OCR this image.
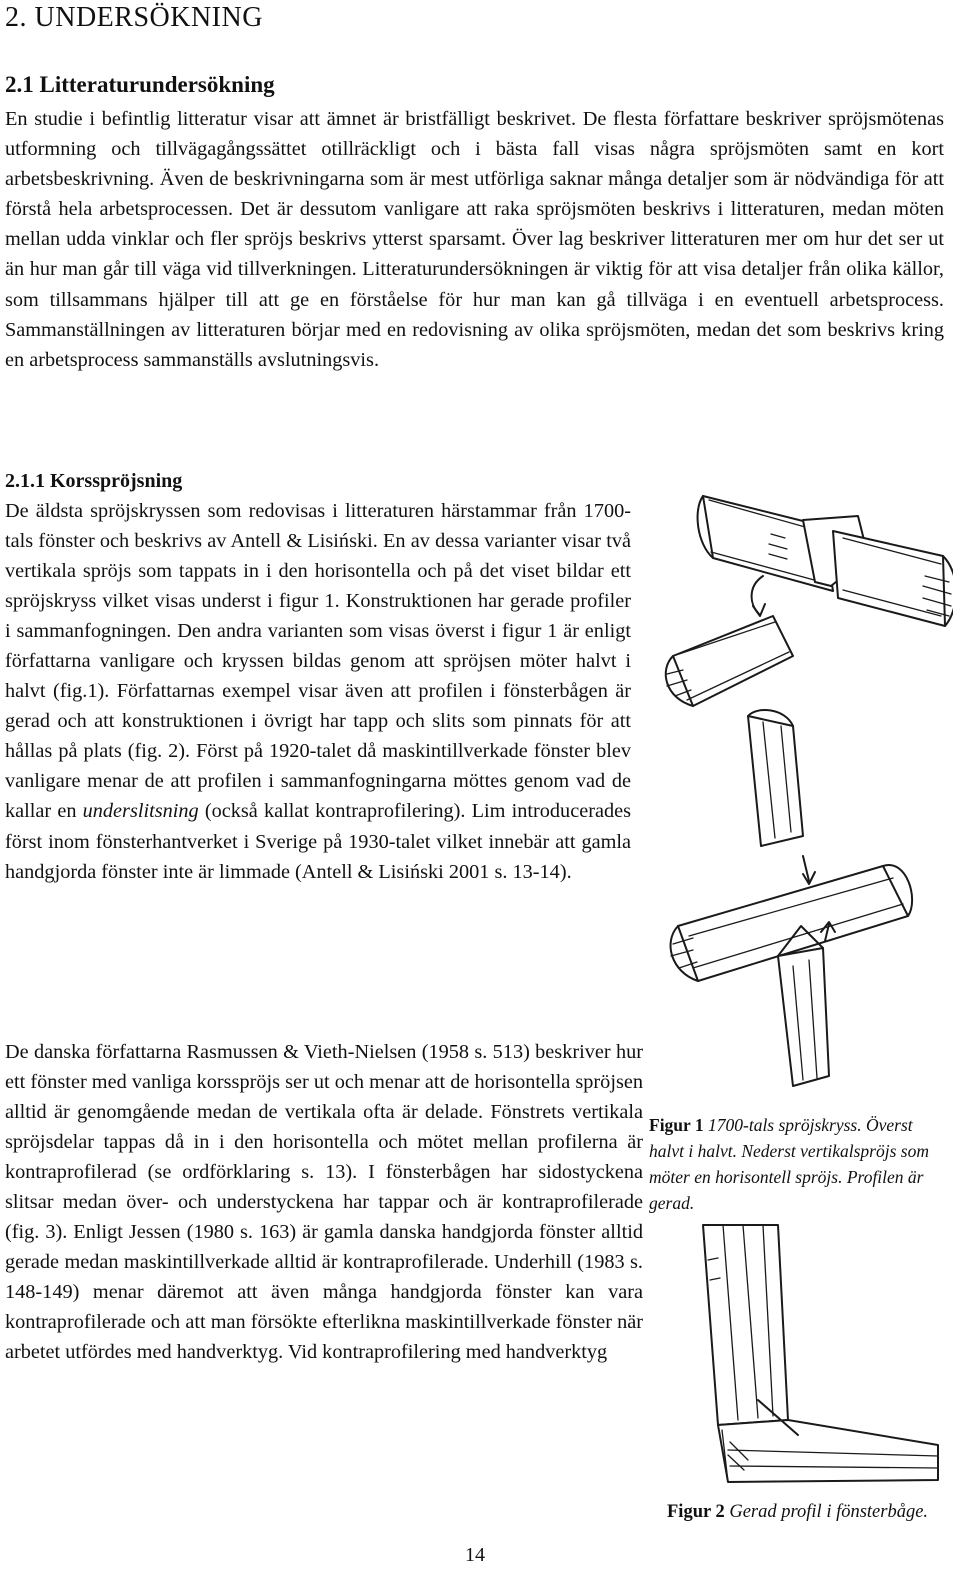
2. UNDERSÖKNING
2.1 Litteraturundersökning

En studie i befintlig litteratur visar att ämnet är bristfälligt beskrivet. De flesta författare beskriver spröjsmötenas utformning och tillvägagångssättet otillräckligt och i bästa fall visas några spröjsmöten samt en kort arbetsbeskrivning. Även de beskrivningarna som är mest utförliga saknar många detaljer som är nödvändiga för att förstå hela arbetsprocessen. Det är dessutom vanligare att raka spröjsmöten beskrivs i litteraturen, medan möten mellan udda vinklar och fler spröjs beskrivs ytterst sparsamt. Över lag beskriver litteraturen mer om hur det ser ut än hur man går till väga vid tillverkningen. Litteraturundersökningen är viktig för att visa detaljer från olika källor, som tillsammans hjälper till att ge en förståelse för hur man kan gå tillväga i en eventuell arbetsprocess. Sammanställningen av litteraturen börjar med en redovisning av olika spröjsmöten, medan det som beskrivs kring en arbetsprocess sammanställs avslutningsvis.

2.1.1 Korsspröjsning

De äldsta spröjskryssen som redovisas i litteraturen härstammar från 1700-tals fönster och beskrivs av Antell & Lisiński. En av dessa varianter visar två vertikala spröjs som tappats in i den horisontella och på det viset bildar ett spröjskryss vilket visas underst i figur 1. Konstruktionen har gerade profiler i sammanfogningen. Den andra varianten som visas överst i figur 1 är enligt författarna vanligare och kryssen bildas genom att spröjsen möter halvt i halvt (fig.1). Författarnas exempel visar även att profilen i fönsterbågen är gerad och att konstruktionen i övrigt har tapp och slits som pinnats för att hållas på plats (fig. 2). Först på 1920-talet då maskintillverkade fönster blev vanligare menar de att profilen i sammanfogningarna möttes genom vad de kallar en underslitsning (också kallat kontraprofilering). Lim introducerades först inom fönsterhantverket i Sverige på 1930-talet vilket innebär att gamla handgjorda fönster inte är limmade (Antell & Lisiński 2001 s. 13-14).

De danska författarna Rasmussen & Vieth-Nielsen (1958 s. 513) beskriver hur ett fönster med vanliga korsspröjs ser ut och menar att de horisontella spröjsen alltid är genomgående medan de vertikala ofta är delade. Fönstrets vertikala spröjsdelar tappas då in i den horisontella och mötet mellan profilerna är kontraprofilerad (se ordförklaring s. 13). I fönsterbågen har sidostyckena slitsar medan över- och understyckena har tappar och är kontraprofilerade (fig. 3). Enligt Jessen (1980 s. 163) är gamla danska handgjorda fönster alltid gerade medan maskintillverkade alltid är kontraprofilerade. Underhill (1983 s. 148-149) menar däremot att även många handgjorda fönster kan vara kontraprofilerade och att man försökte efterlikna maskintillverkade fönster när arbetet utfördes med handverktyg. Vid kontraprofilering med handverktyg

Figur 1 1700-tals spröjskryss. Överst halvt i halvt. Nederst vertikalspröjs som möter en horisontell spröjs. Profilen är gerad.

Figur 2 Gerad profil i fönsterbåge.

14
